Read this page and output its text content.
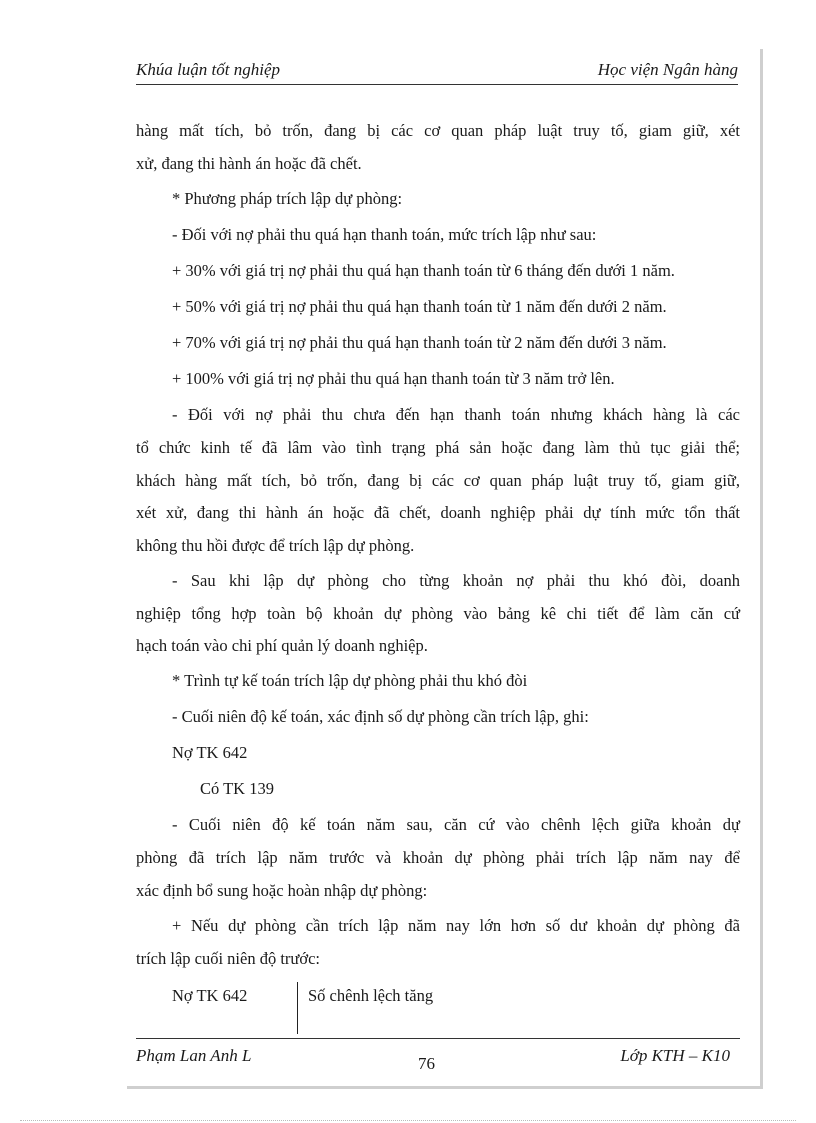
Khúa luận tốt nghiệp	Học viện Ngân hàng
hàng mất tích, bỏ trốn, đang bị các cơ quan pháp luật truy tố, giam giữ, xét
xử, đang thi hành án hoặc đã chết.
* Phương pháp trích lập dự phòng:
- Đối với nợ phải thu quá hạn thanh toán, mức trích lập như sau:
+ 30% với giá trị nợ phải thu quá hạn thanh toán từ 6 tháng đến dưới 1 năm.
+ 50% với giá trị nợ phải thu quá hạn thanh toán từ 1 năm đến dưới 2 năm.
+ 70% với giá trị nợ phải thu quá hạn thanh toán từ 2 năm đến dưới 3 năm.
+ 100% với giá trị nợ phải thu quá hạn thanh toán từ 3 năm trở lên.
- Đối với nợ phải thu chưa đến hạn thanh toán nhưng khách hàng là các
tổ chức kinh tế đã lâm vào tình trạng phá sản hoặc đang làm thủ tục giải thể;
khách hàng mất tích, bỏ trốn, đang bị các cơ quan pháp luật truy tố, giam giữ,
xét xử, đang thi hành án hoặc đã chết, doanh nghiệp phải dự tính mức tổn thất
không thu hồi được để trích lập dự phòng.
- Sau khi lập dự phòng cho từng khoản nợ phải thu khó đòi, doanh
nghiệp tổng hợp toàn bộ khoản dự phòng vào bảng kê chi tiết để làm căn cứ
hạch toán vào chi phí quản lý doanh nghiệp.
* Trình tự kế toán trích lập dự phòng phải thu khó đòi
- Cuối niên độ kế toán, xác định số dự phòng cần trích lập, ghi:
Nợ TK 642
Có TK 139
- Cuối niên độ kế toán năm sau, căn cứ vào chênh lệch giữa khoản dự
phòng đã trích lập năm trước và khoản dự phòng phải trích lập năm nay để
xác định bổ sung hoặc hoàn nhập dự phòng:
+ Nếu dự phòng cần trích lập năm nay lớn hơn số dư khoản dự phòng đã
trích lập cuối niên độ trước:
Nợ TK 642	Số chênh lệch tăng
Phạm Lan Anh L	76	Lớp KTH – K10
